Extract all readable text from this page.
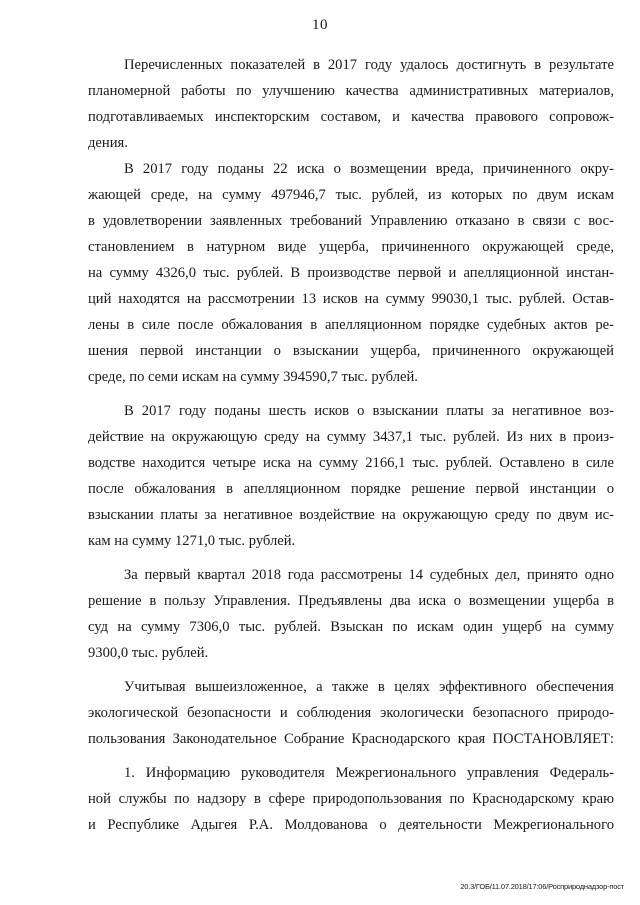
10
Перечисленных показателей в 2017 году удалось достигнуть в результате
планомерной работы по улучшению качества административных материалов,
подготавливаемых инспекторским составом, и качества правового сопровож-
дения.
В 2017 году поданы 22 иска о возмещении вреда, причиненного окру-
жающей среде, на сумму 497946,7 тыс. рублей, из которых по двум искам
в удовлетворении заявленных требований Управлению отказано в связи с вос-
становлением в натурном виде ущерба, причиненного окружающей среде,
на сумму 4326,0 тыс. рублей. В производстве первой и апелляционной инстан-
ций находятся на рассмотрении 13 исков на сумму 99030,1 тыс. рублей. Остав-
лены в силе после обжалования в апелляционном порядке судебных актов ре-
шения первой инстанции о взыскании ущерба, причиненного окружающей
среде, по семи искам на сумму 394590,7 тыс. рублей.
В 2017 году поданы шесть исков о взыскании платы за негативное воз-
действие на окружающую среду на сумму 3437,1 тыс. рублей. Из них в произ-
водстве находится четыре иска на сумму 2166,1 тыс. рублей. Оставлено в силе
после обжалования в апелляционном порядке решение первой инстанции о
взыскании платы за негативное воздействие на окружающую среду по двум ис-
кам на сумму 1271,0 тыс. рублей.
За первый квартал 2018 года рассмотрены 14 судебных дел, принято одно
решение в пользу Управления. Предъявлены два иска о возмещении ущерба в
суд на сумму 7306,0 тыс. рублей. Взыскан по искам один ущерб на сумму
9300,0 тыс. рублей.
Учитывая вышеизложенное, а также в целях эффективного обеспечения
экологической безопасности и соблюдения экологически безопасного природо-
пользования Законодательное Собрание Краснодарского края ПОСТАНОВЛЯЕТ:
1. Информацию руководителя Межрегионального управления Федераль-
ной службы по надзору в сфере природопользования по Краснодарскому краю
и Республике Адыгея Р.А. Молдованова о деятельности Межрегионального
20.3/ГОБ/11.07.2018/17:06/Росприроднадзор-пост
